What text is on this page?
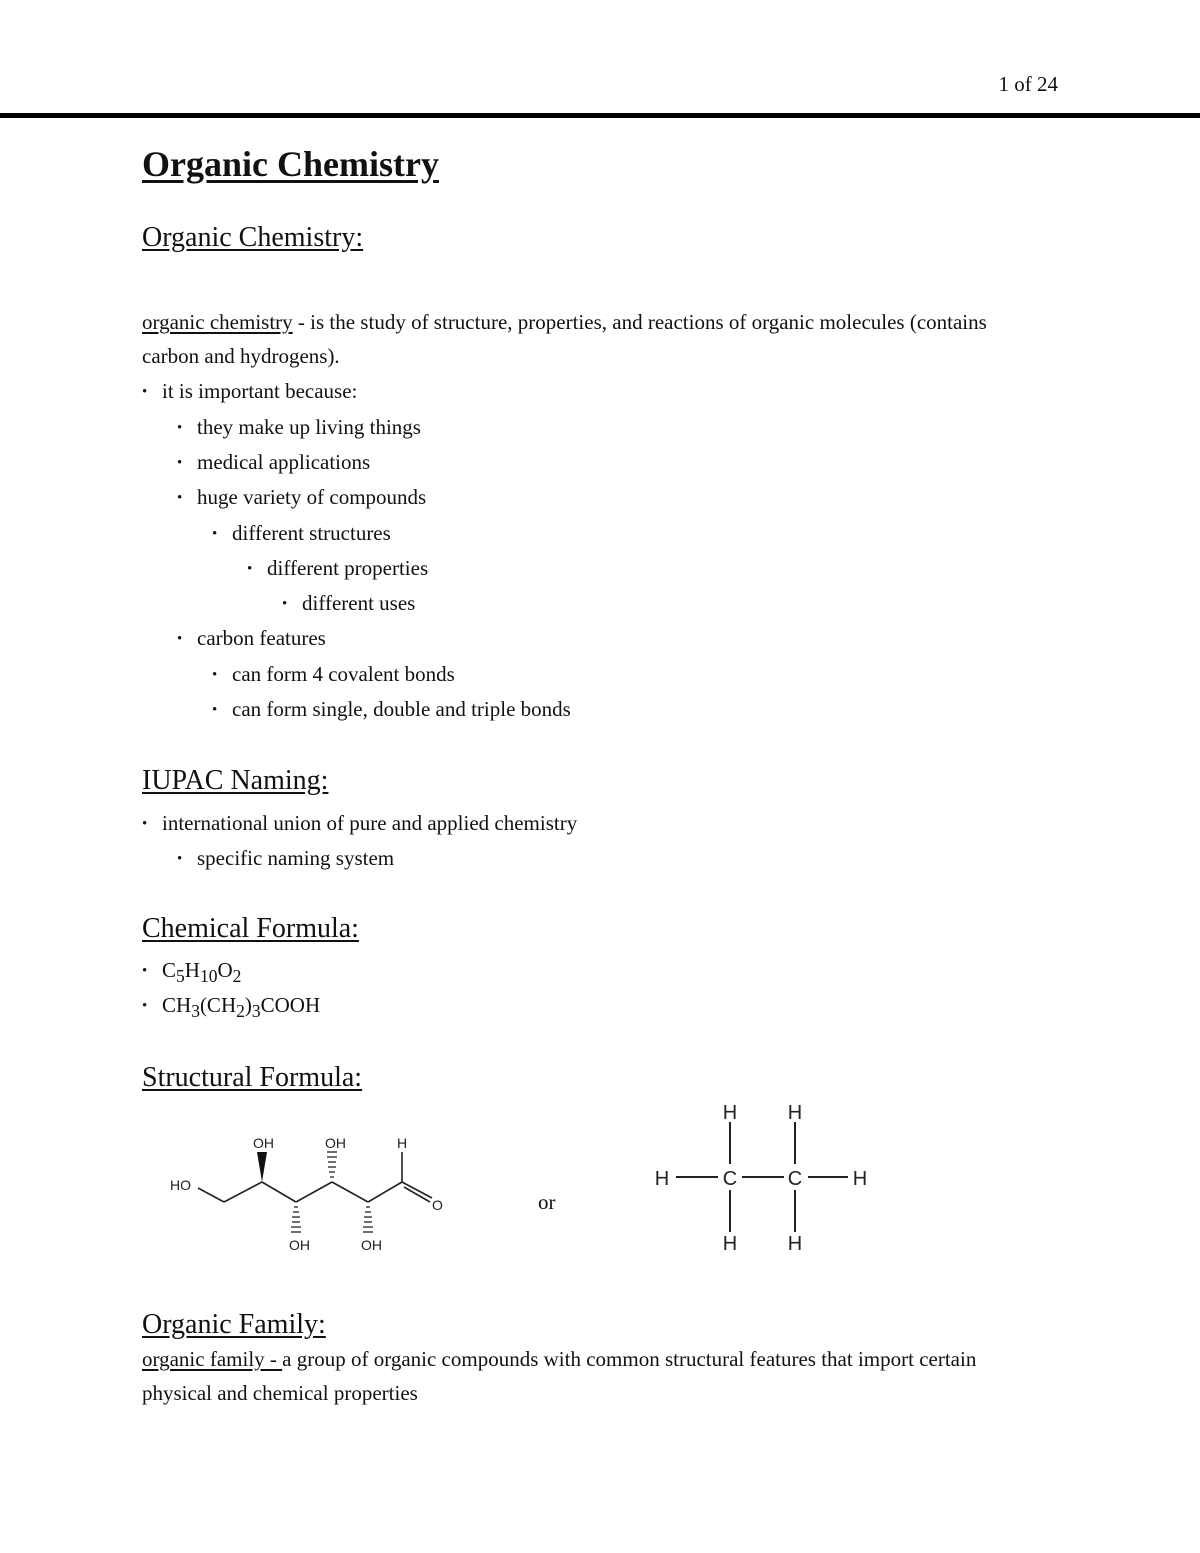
1 of 24
Organic Chemistry
Organic Chemistry:

organic chemistry - is the study of structure, properties, and reactions of organic molecules (contains carbon and hydrogens).

• it is important because:
• they make up living things
• medical applications
• huge variety of compounds
• different structures
• different properties
• different uses
• carbon features
• can form 4 covalent bonds
• can form single, double and triple bonds
IUPAC Naming:
• international union of pure and applied chemistry
• specific naming system
Chemical Formula:
• $C_5H_{10}O_2$
• $CH_3(CH_2)_3COOH$
Structural Formula:
HO
OH	OH	H
O
OH	OH
or
H	C	C	H
H	H
H	H
Organic Family:

organic family - a group of organic compounds with common structural features that import certain physical and chemical properties
